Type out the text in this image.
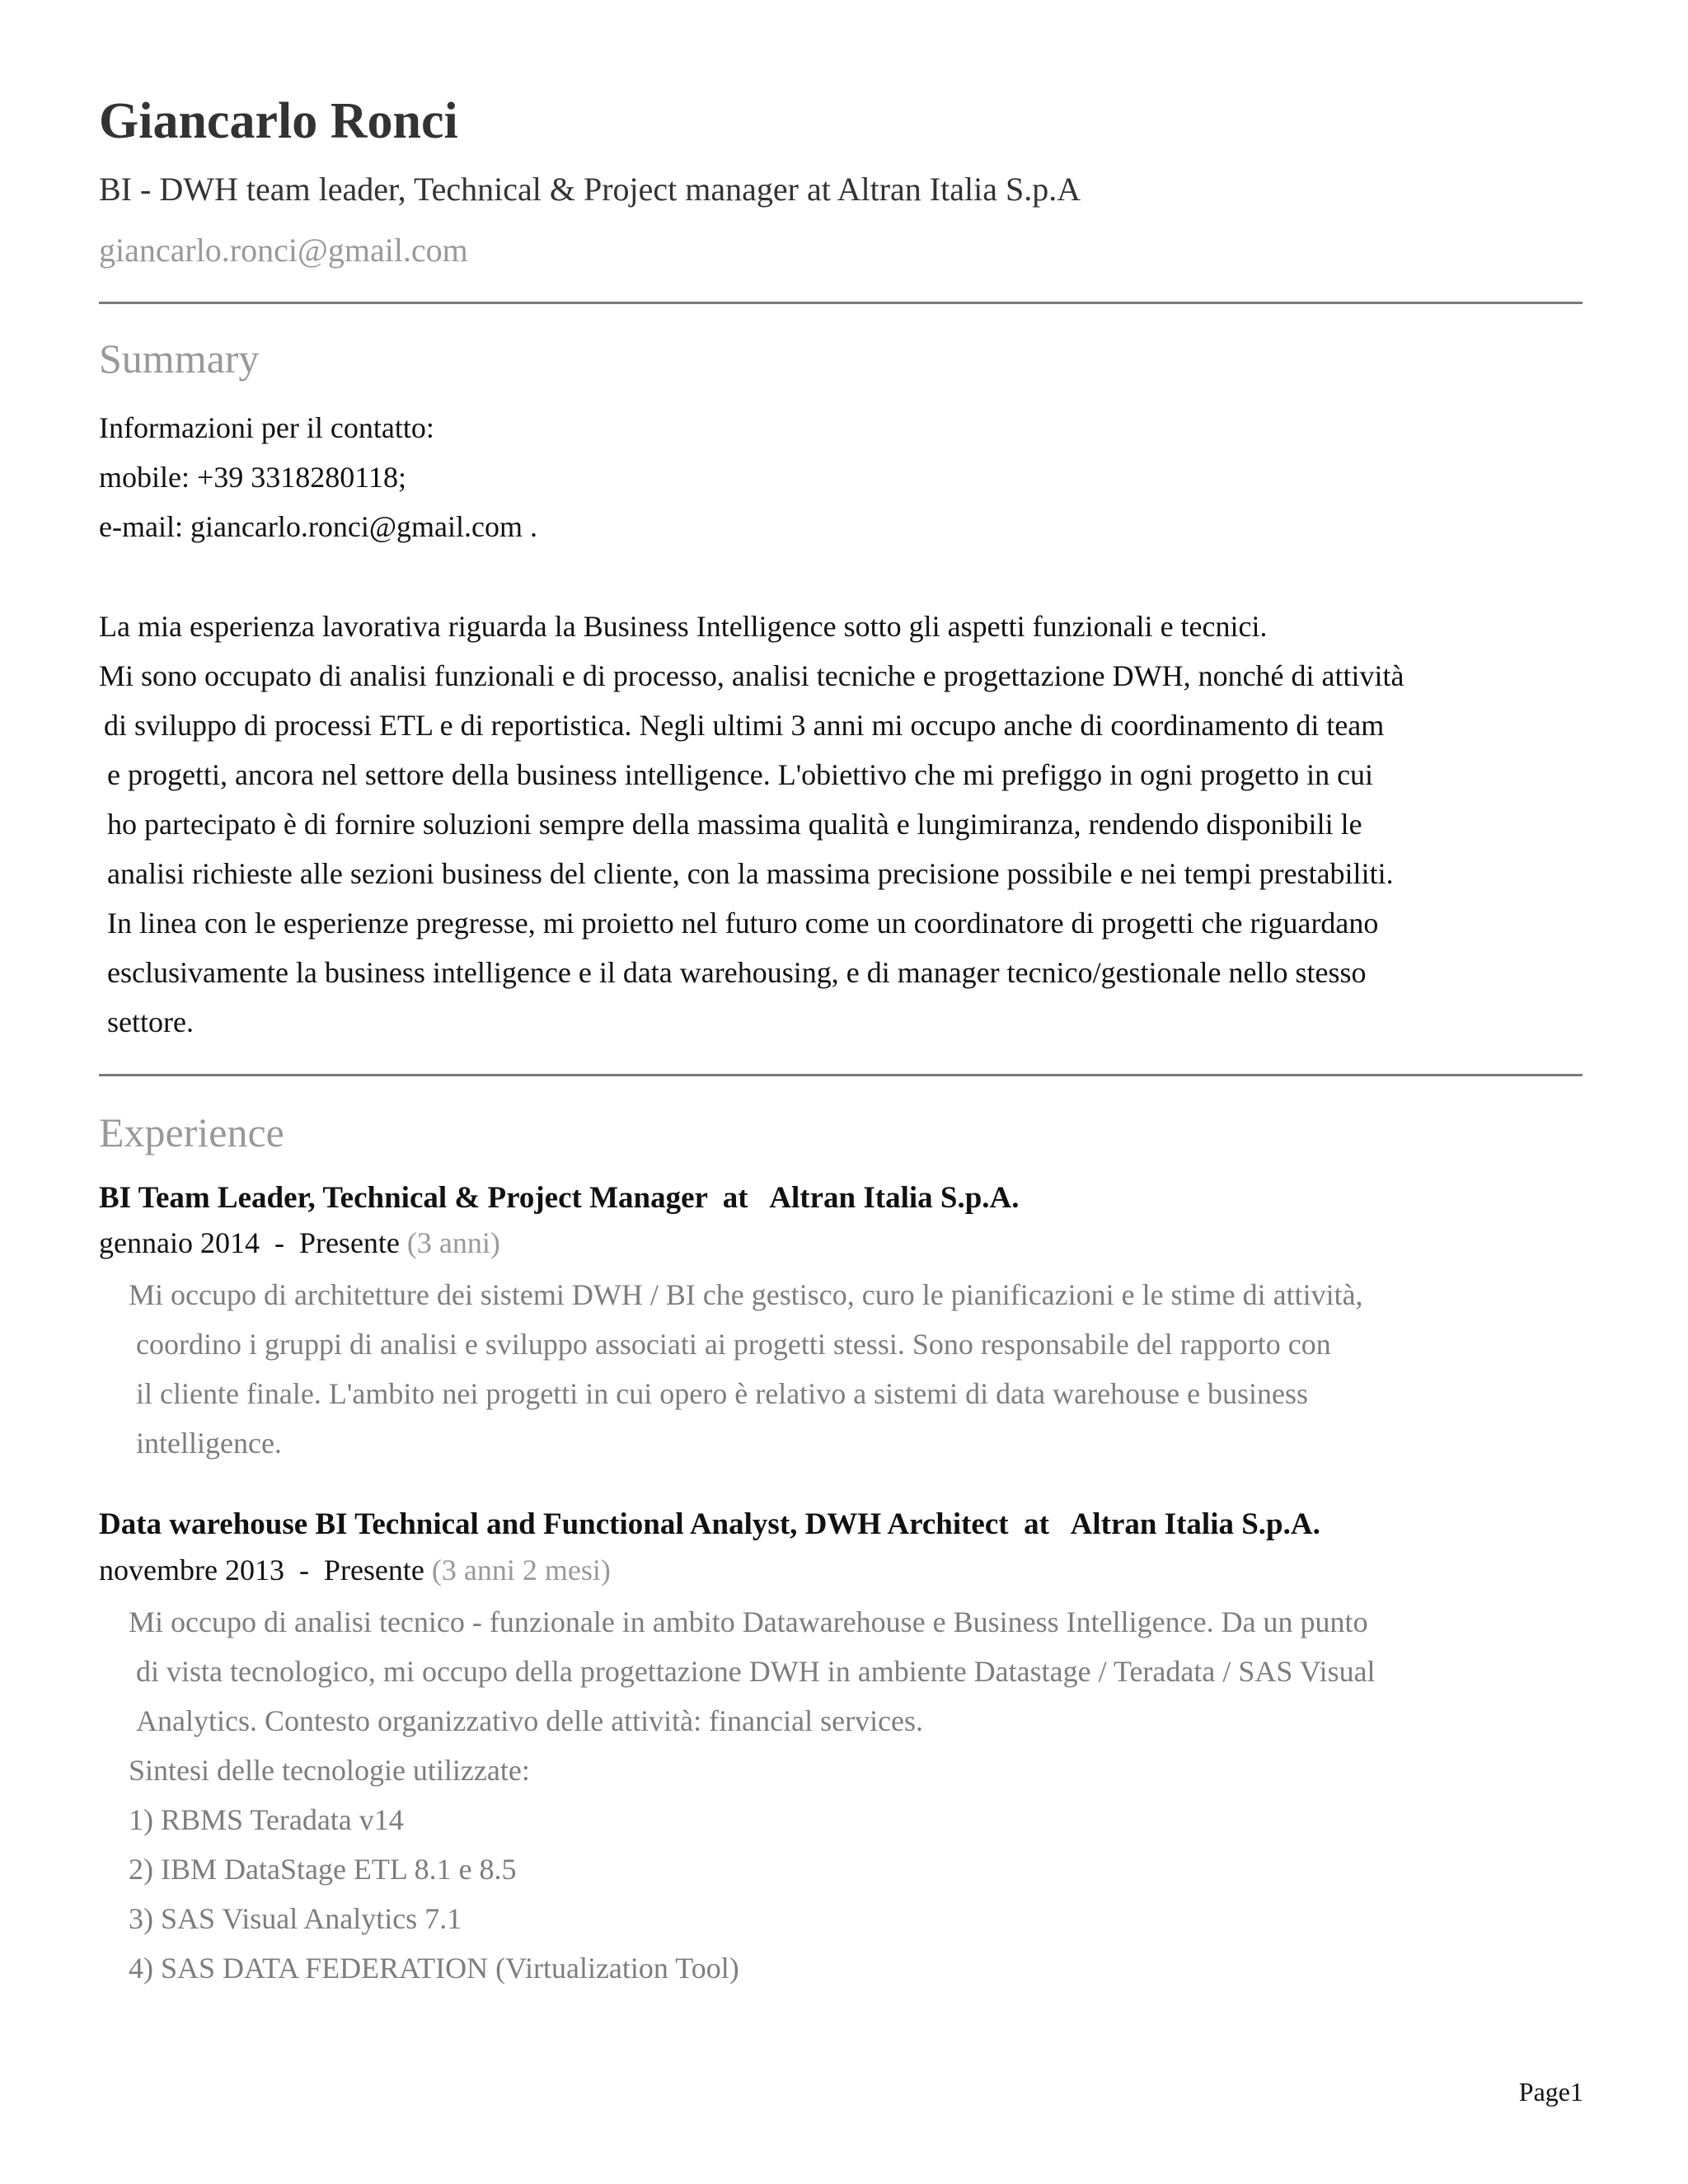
Giancarlo Ronci
BI - DWH team leader, Technical & Project manager at Altran Italia S.p.A
giancarlo.ronci@gmail.com
Summary
Informazioni per il contatto:
mobile: +39 3318280118;
e-mail: giancarlo.ronci@gmail.com .
La mia esperienza lavorativa riguarda la Business Intelligence sotto gli aspetti funzionali e tecnici.
Mi sono occupato di analisi funzionali e di processo, analisi tecniche e progettazione DWH, nonché di attività
di sviluppo di processi ETL e di reportistica. Negli ultimi 3 anni mi occupo anche di coordinamento di team
e progetti, ancora nel settore della business intelligence. L'obiettivo che mi prefiggo in ogni progetto in cui
ho partecipato è di fornire soluzioni sempre della massima qualità e lungimiranza, rendendo disponibili le
analisi richieste alle sezioni business del cliente, con la massima precisione possibile e nei tempi prestabiliti.
In linea con le esperienze pregresse, mi proietto nel futuro come un coordinatore di progetti che riguardano
esclusivamente la business intelligence e il data warehousing, e di manager tecnico/gestionale nello stesso
settore.
Experience
BI Team Leader, Technical & Project Manager  at   Altran Italia S.p.A.
gennaio 2014  -  Presente (3 anni)
Mi occupo di architetture dei sistemi DWH / BI che gestisco, curo le pianificazioni e le stime di attività,
coordino i gruppi di analisi e sviluppo associati ai progetti stessi. Sono responsabile del rapporto con
il cliente finale. L'ambito nei progetti in cui opero è relativo a sistemi di data warehouse e business
intelligence.
Data warehouse BI Technical and Functional Analyst, DWH Architect  at   Altran Italia S.p.A.
novembre 2013  -  Presente (3 anni 2 mesi)
Mi occupo di analisi tecnico - funzionale in ambito Datawarehouse e Business Intelligence. Da un punto
di vista tecnologico, mi occupo della progettazione DWH in ambiente Datastage / Teradata / SAS Visual
Analytics. Contesto organizzativo delle attività: financial services.
Sintesi delle tecnologie utilizzate:
1) RBMS Teradata v14
2) IBM DataStage ETL 8.1 e 8.5
3) SAS Visual Analytics 7.1
4) SAS DATA FEDERATION (Virtualization Tool)
Page1
